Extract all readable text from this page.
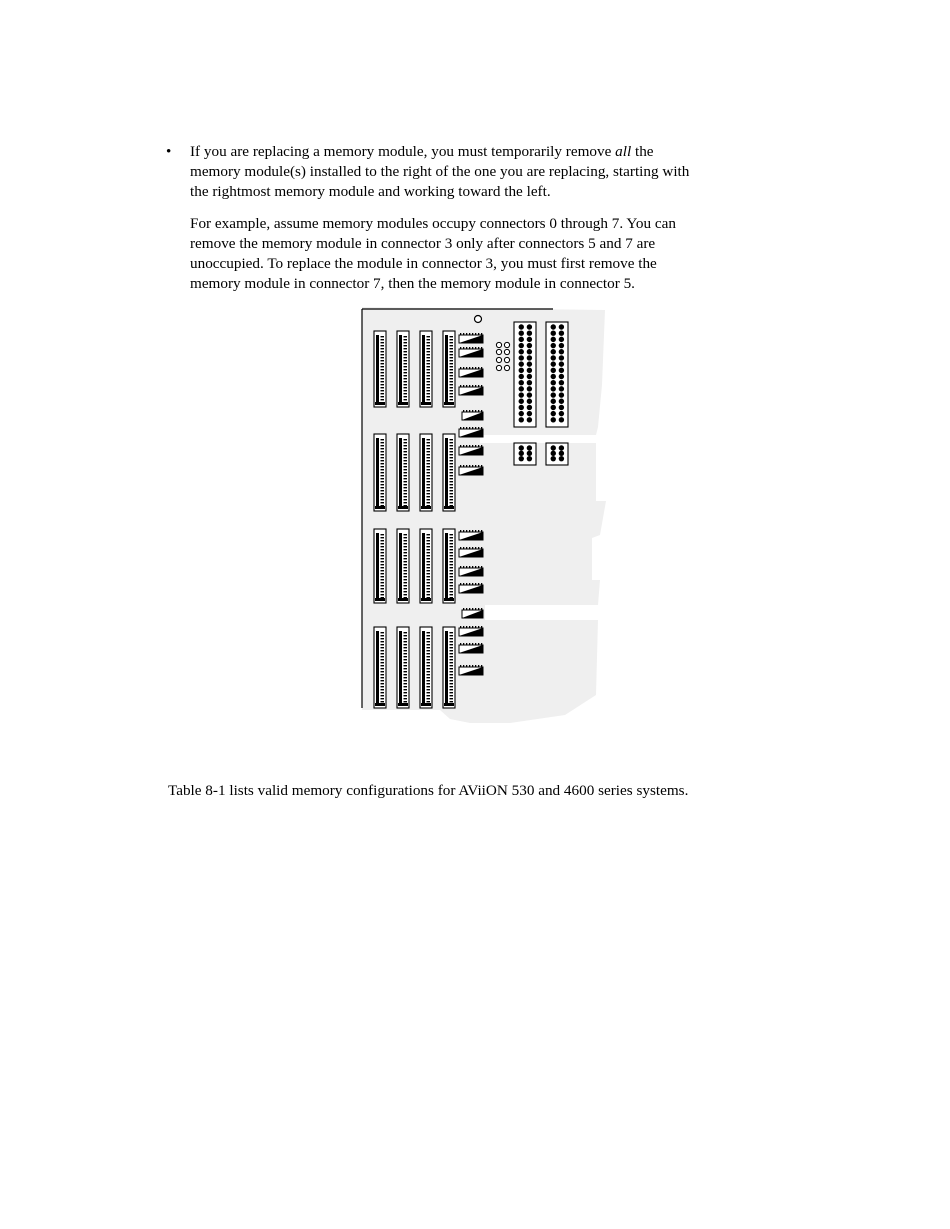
•	If you are replacing a memory module, you must temporarily remove all the
memory module(s) installed to the right of the one you are replacing, starting with
the rightmost memory module and working toward the left.
For example, assume memory modules occupy connectors 0 through 7. You can
remove the memory module in connector 3 only after connectors 5 and 7 are
unoccupied. To replace the module in connector 3, you must first remove the
memory module in connector 7, then the memory module in connector 5.
Table 8-1 lists valid memory configurations for AViiON 530 and 4600 series systems.
